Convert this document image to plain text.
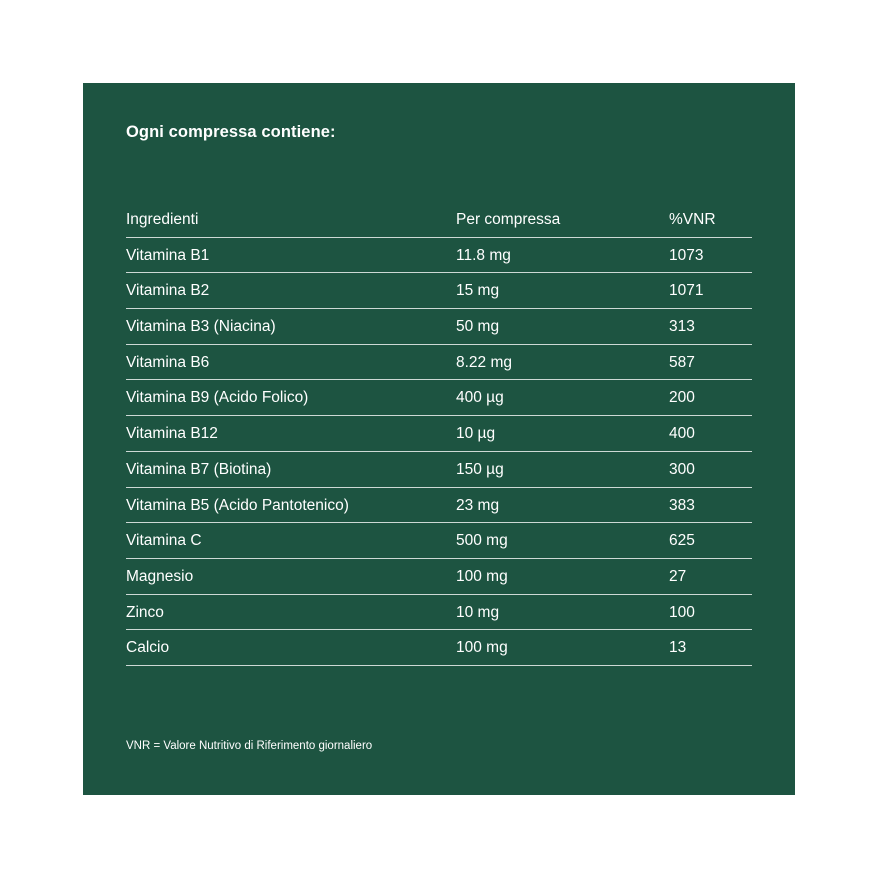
Ogni compressa contiene:
Ingredienti	Per compressa	%VNR
Vitamina B1	11.8 mg	1073
Vitamina B2	15 mg	1071
Vitamina B3 (Niacina)	50 mg	313
Vitamina B6	8.22 mg	587
Vitamina B9 (Acido Folico)	400 µg	200
Vitamina B12	10 µg	400
Vitamina B7 (Biotina)	150 µg	300
Vitamina B5 (Acido Pantotenico)	23 mg	383
Vitamina C	500 mg	625
Magnesio	100 mg	27
Zinco	10 mg	100
Calcio	100 mg	13
VNR = Valore Nutritivo di Riferimento giornaliero
